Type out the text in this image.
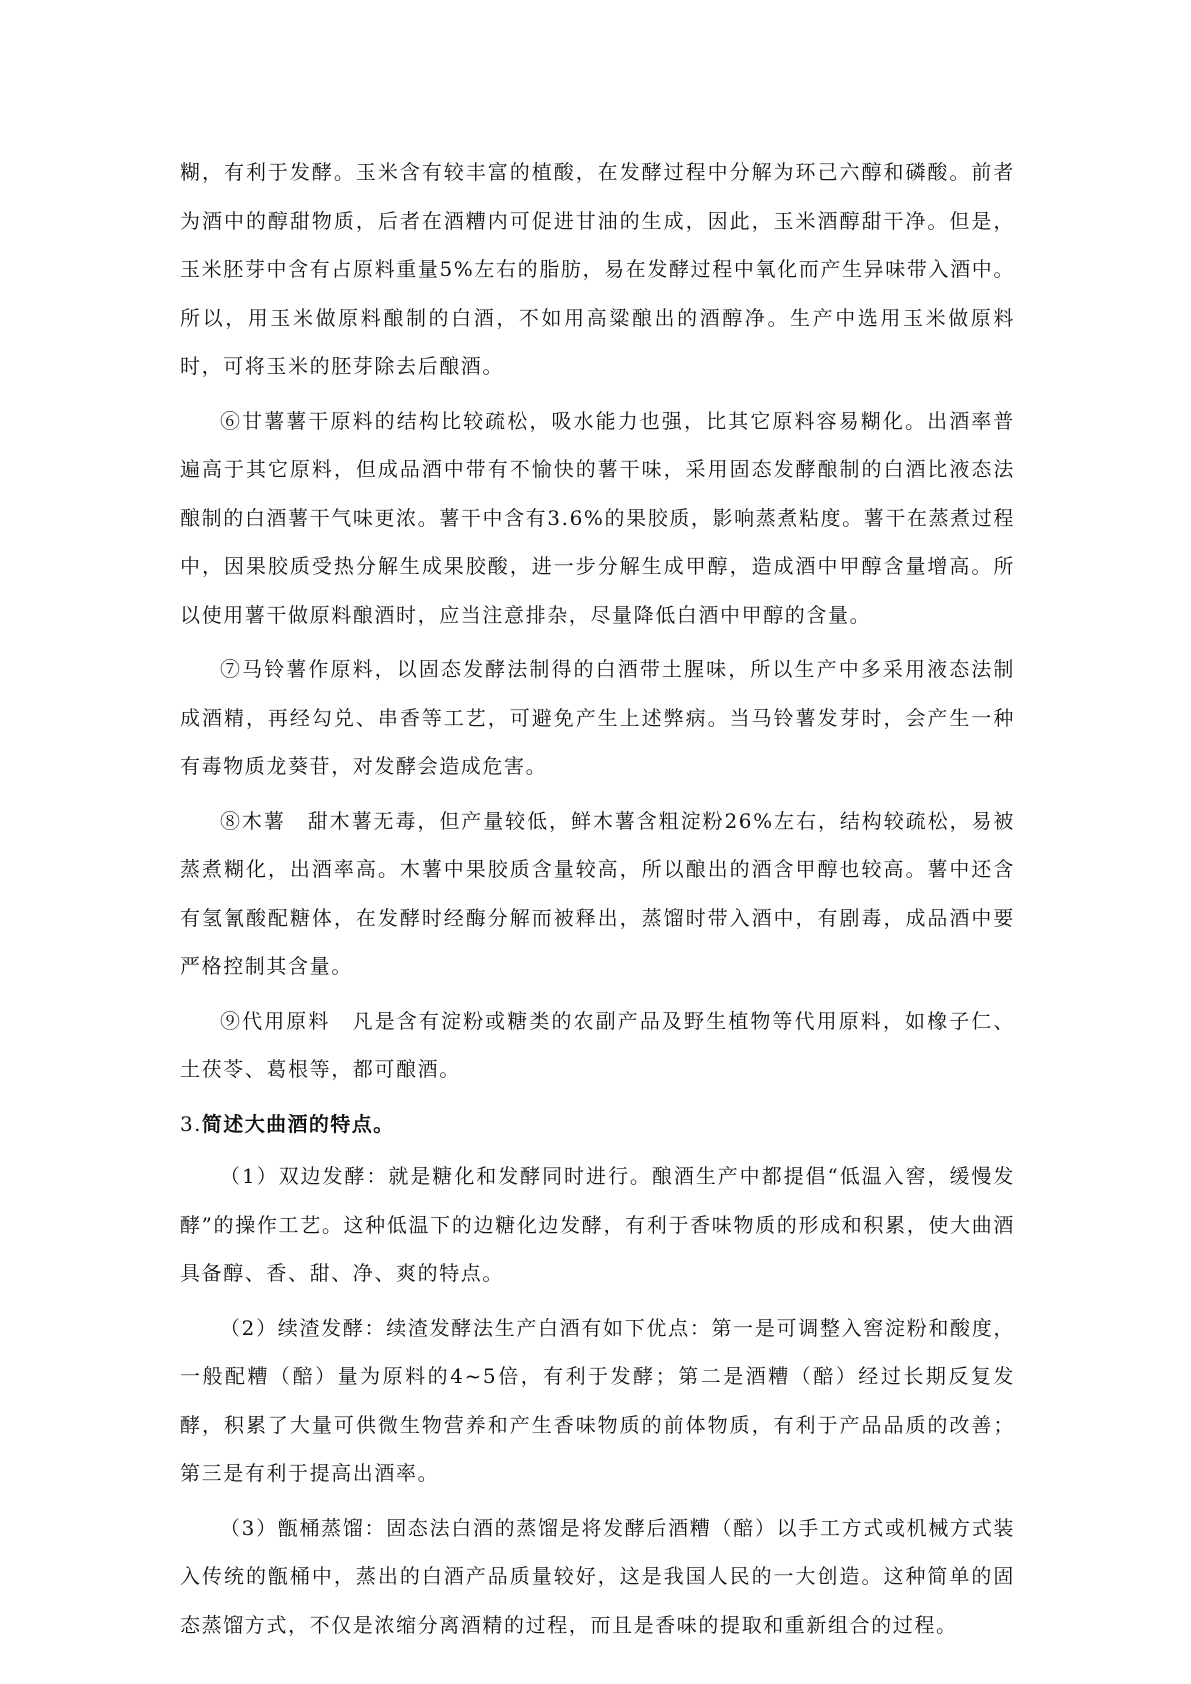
糊，有利于发酵。玉米含有较丰富的植酸，在发酵过程中分解为环己六醇和磷酸。前者为酒中的醇甜物质，后者在酒糟内可促进甘油的生成，因此，玉米酒醇甜干净。但是，玉米胚芽中含有占原料重量5%左右的脂肪，易在发酵过程中氧化而产生异味带入酒中。所以，用玉米做原料酿制的白酒，不如用高粱酿出的酒醇净。生产中选用玉米做原料时，可将玉米的胚芽除去后酿酒。

⑥甘薯薯干原料的结构比较疏松，吸水能力也强，比其它原料容易糊化。出酒率普遍高于其它原料，但成品酒中带有不愉快的薯干味，采用固态发酵酿制的白酒比液态法酿制的白酒薯干气味更浓。薯干中含有3.6%的果胶质，影响蒸煮粘度。薯干在蒸煮过程中，因果胶质受热分解生成果胶酸，进一步分解生成甲醇，造成酒中甲醇含量增高。所以使用薯干做原料酿酒时，应当注意排杂，尽量降低白酒中甲醇的含量。

⑦马铃薯作原料，以固态发酵法制得的白酒带土腥味，所以生产中多采用液态法制成酒精，再经勾兑、串香等工艺，可避免产生上述弊病。当马铃薯发芽时，会产生一种有毒物质龙葵苷，对发酵会造成危害。

⑧木薯　甜木薯无毒，但产量较低，鲜木薯含粗淀粉26%左右，结构较疏松，易被蒸煮糊化，出酒率高。木薯中果胶质含量较高，所以酿出的酒含甲醇也较高。薯中还含有氢氰酸配糖体，在发酵时经酶分解而被释出，蒸馏时带入酒中，有剧毒，成品酒中要严格控制其含量。

⑨代用原料　凡是含有淀粉或糖类的农副产品及野生植物等代用原料，如橡子仁、土茯苓、葛根等，都可酿酒。

3.简述大曲酒的特点。

（1）双边发酵：就是糖化和发酵同时进行。酿酒生产中都提倡“低温入窖，缓慢发酵”的操作工艺。这种低温下的边糖化边发酵，有利于香味物质的形成和积累，使大曲酒具备醇、香、甜、净、爽的特点。

（2）续渣发酵：续渣发酵法生产白酒有如下优点：第一是可调整入窖淀粉和酸度，一般配糟（醅）量为原料的4~5倍，有利于发酵；第二是酒糟（醅）经过长期反复发酵，积累了大量可供微生物营养和产生香味物质的前体物质，有利于产品品质的改善；第三是有利于提高出酒率。

（3）甑桶蒸馏：固态法白酒的蒸馏是将发酵后酒糟（醅）以手工方式或机械方式装入传统的甑桶中，蒸出的白酒产品质量较好，这是我国人民的一大创造。这种简单的固态蒸馏方式，不仅是浓缩分离酒精的过程，而且是香味的提取和重新组合的过程。
